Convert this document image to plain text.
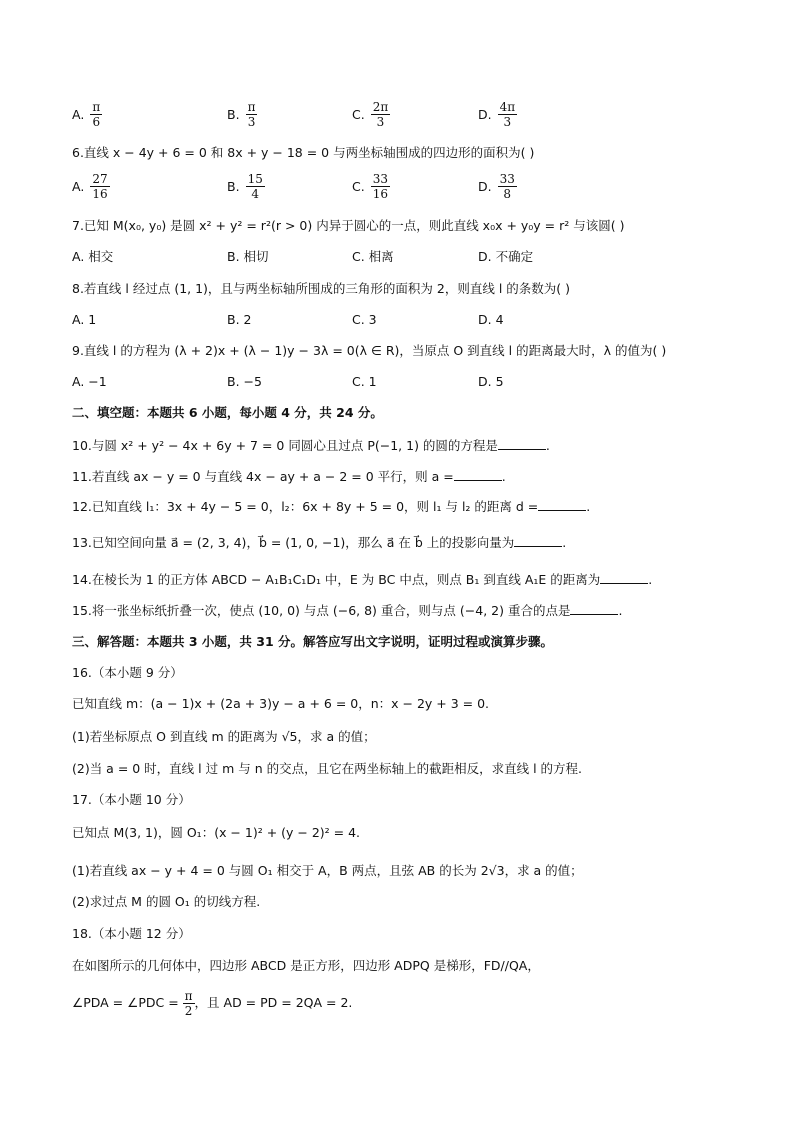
A. $\frac{\pi}{6}$	B. $\frac{\pi}{3}$	C. $\frac{2\pi}{3}$	D. $\frac{4\pi}{3}$
6.直线 x − 4y + 6 = 0 和 8x + y − 18 = 0 与两坐标轴围成的四边形的面积为( )
A. $\frac{27}{16}$	B. $\frac{15}{4}$	C. $\frac{33}{16}$	D. $\frac{33}{8}$
7.已知 M(x₀, y₀) 是圆 x² + y² = r²(r > 0) 内异于圆心的一点，则此直线 x₀x + y₀y = r² 与该圆( )
A. 相交	B. 相切	C. 相离	D. 不确定
8.若直线 l 经过点 (1, 1)，且与两坐标轴所围成的三角形的面积为 2，则直线 l 的条数为( )
A. 1	B. 2	C. 3	D. 4
9.直线 l 的方程为 (λ + 2)x + (λ − 1)y − 3λ = 0(λ ∈ R)，当原点 O 到直线 l 的距离最大时，λ 的值为( )
A. −1	B. −5	C. 1	D. 5
二、填空题：本题共 6 小题，每小题 4 分，共 24 分。
10.与圆 x² + y² − 4x + 6y + 7 = 0 同圆心且过点 P(−1, 1) 的圆的方程是	.
11.若直线 ax − y = 0 与直线 4x − ay + a − 2 = 0 平行，则 a =	.
12.已知直线 l₁：3x + 4y − 5 = 0，l₂：6x + 8y + 5 = 0，则 l₁ 与 l₂ 的距离 d =	.
13.已知空间向量 a⃗ = (2, 3, 4)，b⃗ = (1, 0, −1)，那么 a⃗ 在 b⃗ 上的投影向量为	.
14.在棱长为 1 的正方体 ABCD − A₁B₁C₁D₁ 中，E 为 BC 中点，则点 B₁ 到直线 A₁E 的距离为	.
15.将一张坐标纸折叠一次，使点 (10, 0) 与点 (−6, 8) 重合，则与点 (−4, 2) 重合的点是	.
三、解答题：本题共 3 小题，共 31 分。解答应写出文字说明，证明过程或演算步骤。
16.（本小题 9 分）
已知直线 m：(a − 1)x + (2a + 3)y − a + 6 = 0，n：x − 2y + 3 = 0.
(1)若坐标原点 O 到直线 m 的距离为 √5，求 a 的值；
(2)当 a = 0 时，直线 l 过 m 与 n 的交点，且它在两坐标轴上的截距相反，求直线 l 的方程.
17.（本小题 10 分）
已知点 M(3, 1)，圆 O₁：(x − 1)² + (y − 2)² = 4.
(1)若直线 ax − y + 4 = 0 与圆 O₁ 相交于 A，B 两点，且弦 AB 的长为 2√3，求 a 的值；
(2)求过点 M 的圆 O₁ 的切线方程.
18.（本小题 12 分）
在如图所示的几何体中，四边形 ABCD 是正方形，四边形 ADPQ 是梯形，FD//QA，
∠PDA = ∠PDC = $\frac{\pi}{2}$ ，且 AD = PD = 2QA = 2.
